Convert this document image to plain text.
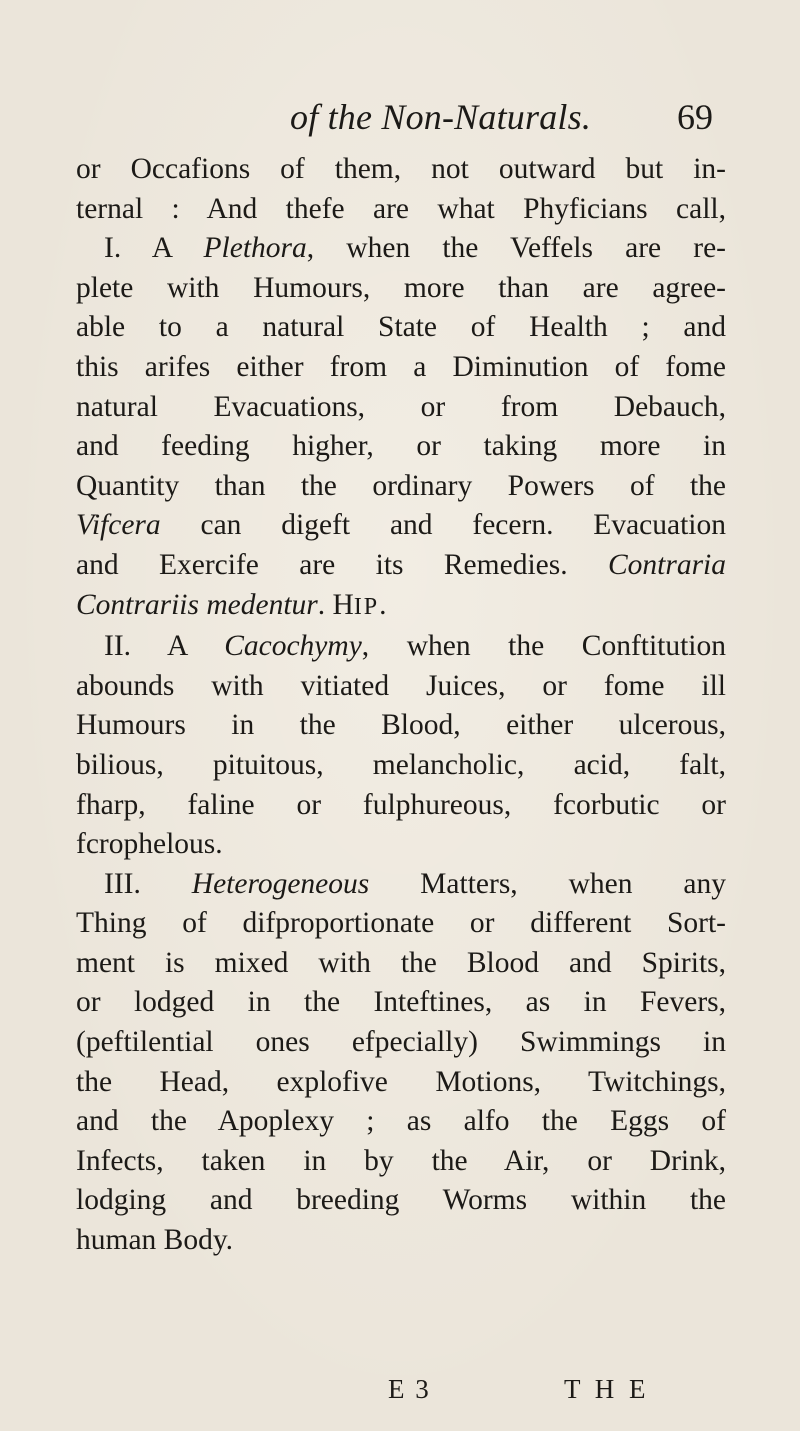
of the Non-Naturals. 69
or Occafions of them, not outward but in-
ternal : And thefe are what Phyficians call,
I. A Plethora, when the Veffels are re-
plete with Humours, more than are agree-
able to a natural State of Health ; and
this arifes either from a Diminution of fome
natural Evacuations, or from Debauch,
and feeding higher, or taking more in
Quantity than the ordinary Powers of the
Vifcera can digeft and fecern. Evacuation
and Exercife are its Remedies. Contraria
Contrariis medentur. HIP.
II. A Cacochymy, when the Conftitution
abounds with vitiated Juices, or fome ill
Humours in the Blood, either ulcerous,
bilious, pituitous, melancholic, acid, falt,
fharp, faline or fulphureous, fcorbutic or
fcrophelous.
III. Heterogeneous Matters, when any
Thing of difproportionate or different Sort-
ment is mixed with the Blood and Spirits,
or lodged in the Inteftines, as in Fevers,
(peftilential ones efpecially) Swimmings in
the Head, explofive Motions, Twitchings,
and the Apoplexy ; as alfo the Eggs of
Infects, taken in by the Air, or Drink,
lodging and breeding Worms within the
human Body.
E 3	T H E
